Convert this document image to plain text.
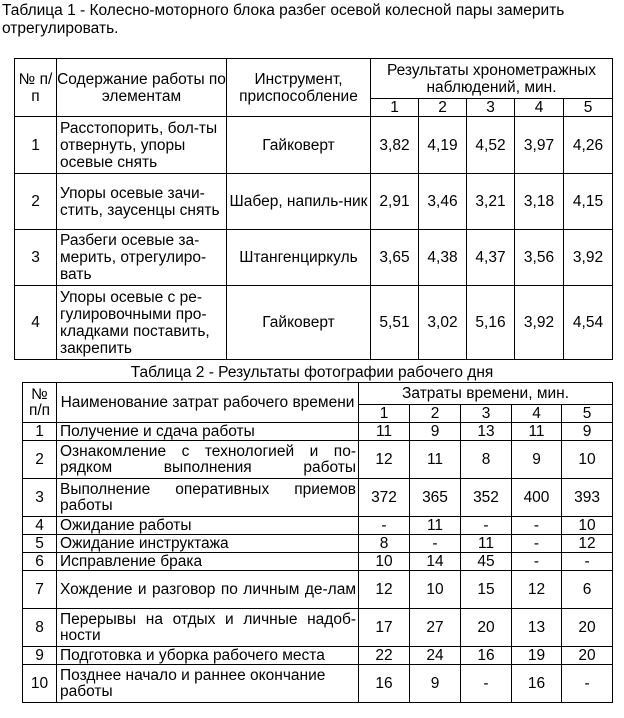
Таблица 1 - Колесно-моторного блока разбег осевой колесной пары замерить отрегулировать.
№ п/ п	Содержание работы по элементам	Инструмент, приспособление	Результаты хронометражных наблюдений, мин.				
			1	2	3	4	5
1	Расстопорить, бол-ты отвернуть, упоры осевые снять	Гайковерт	3,82	4,19	4,52	3,97	4,26
2	Упоры осевые зачи-стить, заусенцы снять	Шабер, напиль-ник	2,91	3,46	3,21	3,18	4,15
3	Разбеги осевые за-мерить, отрегулиро-вать	Штангенциркуль	3,65	4,38	4,37	3,56	3,92
4	Упоры осевые с ре-гулировочными про-кладками поставить, закрепить	Гайковерт	5,51	3,02	5,16	3,92	4,54
Таблица 2 - Результаты фотографии рабочего дня
№ п/п	Наименование затрат рабочего времени	Затраты времени, мин.				
		1	2	3	4	5
1	Получение и сдача работы	11	9	13	11	9
2	Ознакомление с технологией и по-рядком выполнения работы	12	11	8	9	10
3	Выполнение оперативных приемов работы	372	365	352	400	393
4	Ожидание работы	-	11	-	-	10
5	Ожидание инструктажа	8	-	11	-	12
6	Исправление брака	10	14	45	-	-
7	Хождение и разговор по личным де-лам	12	10	15	12	6
8	Перерывы на отдых и личные надоб-ности	17	27	20	13	20
9	Подготовка и уборка рабочего места	22	24	16	19	20
10	Позднее начало и раннее окончание работы	16	9	-	16	-
